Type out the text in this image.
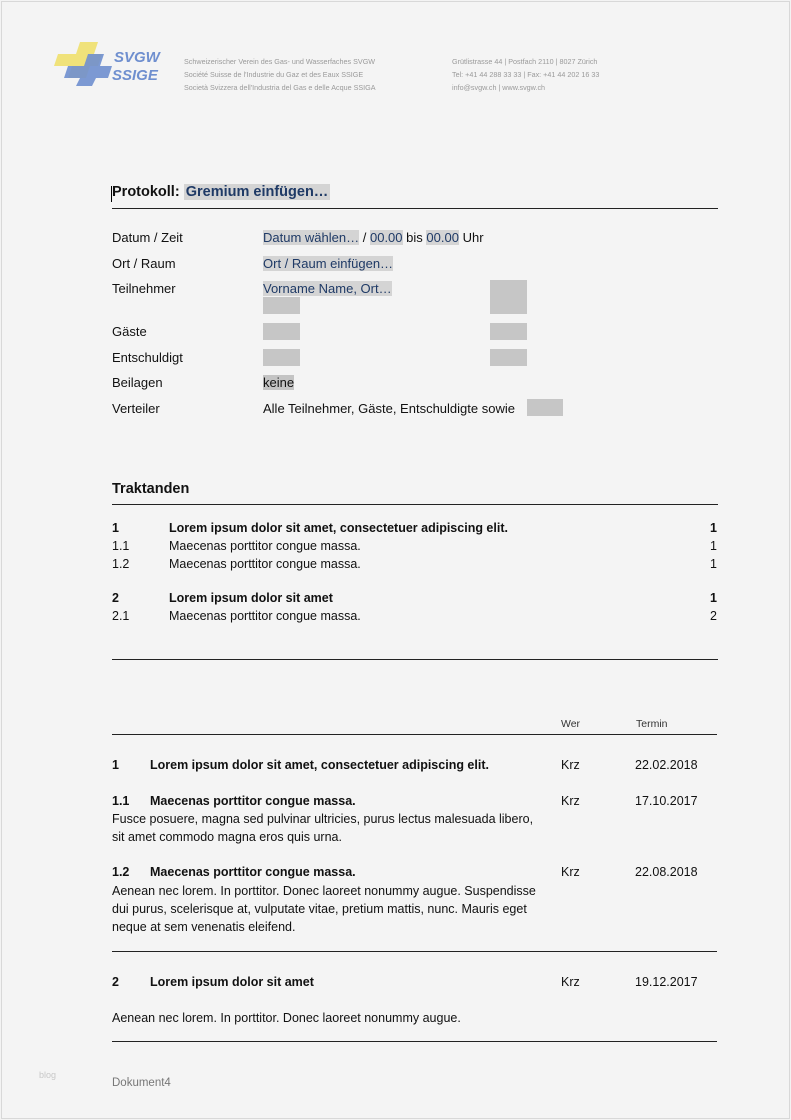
SVGW
SSIGE
Schweizerischer Verein des Gas- und Wasserfaches SVGW
Société Suisse de l'Industrie du Gaz et des Eaux SSIGE
Società Svizzera dell'Industria del Gas e delle Acque SSIGA
Grütlistrasse 44 | Postfach 2110 | 8027 Zürich
Tel: +41 44 288 33 33 | Fax: +41 44 202 16 33
info@svgw.ch | www.svgw.ch
Protokoll: Gremium einfügen…
Datum / Zeit	Datum wählen… / 00.00 bis 00.00 Uhr
Ort / Raum	Ort / Raum einfügen…
Teilnehmer	Vorname Name, Ort…
Gäste
Entschuldigt
Beilagen	keine
Verteiler	Alle Teilnehmer, Gäste, Entschuldigte sowie
Traktanden
1	Lorem ipsum dolor sit amet, consectetuer adipiscing elit.	1
1.1	Maecenas porttitor congue massa.	1
1.2	Maecenas porttitor congue massa.	1
2	Lorem ipsum dolor sit amet	1
2.1	Maecenas porttitor congue massa.	2
Wer	Termin
1 Lorem ipsum dolor sit amet, consectetuer adipiscing elit.	Krz	22.02.2018
1.1 Maecenas porttitor congue massa.	Krz	17.10.2017
Fusce posuere, magna sed pulvinar ultricies, purus lectus malesuada libero, sit amet commodo magna eros quis urna.
1.2 Maecenas porttitor congue massa.	Krz	22.08.2018
Aenean nec lorem. In porttitor. Donec laoreet nonummy augue. Suspendisse dui purus, scelerisque at, vulputate vitae, pretium mattis, nunc. Mauris eget neque at sem venenatis eleifend.
2 Lorem ipsum dolor sit amet	Krz	19.12.2017
Aenean nec lorem. In porttitor. Donec laoreet nonummy augue.
blog
Dokument4
